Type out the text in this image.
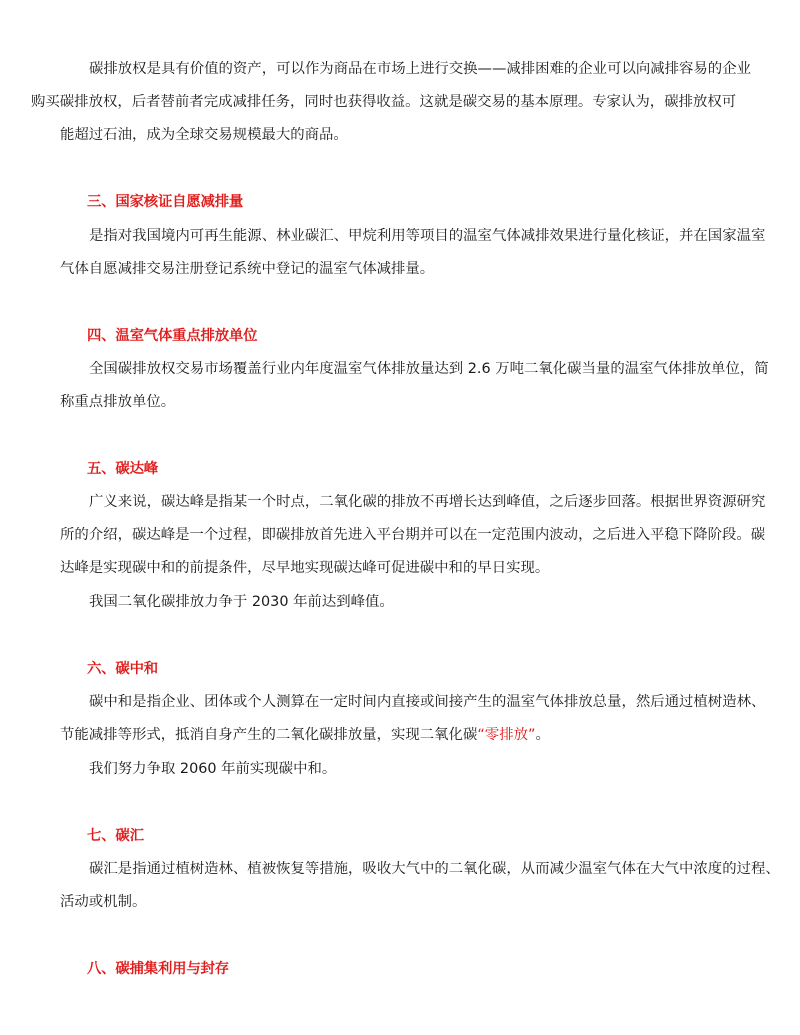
碳排放权是具有价值的资产，可以作为商品在市场上进行交换——减排困难的企业可以向减排容易的企业
购买碳排放权，后者替前者完成减排任务，同时也获得收益。这就是碳交易的基本原理。专家认为，碳排放权可
能超过石油，成为全球交易规模最大的商品。

三、国家核证自愿减排量

是指对我国境内可再生能源、林业碳汇、甲烷利用等项目的温室气体减排效果进行量化核证，并在国家温室
气体自愿减排交易注册登记系统中登记的温室气体减排量。

四、温室气体重点排放单位

全国碳排放权交易市场覆盖行业内年度温室气体排放量达到 2.6 万吨二氧化碳当量的温室气体排放单位，简
称重点排放单位。

五、碳达峰

广义来说，碳达峰是指某一个时点，二氧化碳的排放不再增长达到峰值，之后逐步回落。根据世界资源研究
所的介绍，碳达峰是一个过程，即碳排放首先进入平台期并可以在一定范围内波动，之后进入平稳下降阶段。碳
达峰是实现碳中和的前提条件，尽早地实现碳达峰可促进碳中和的早日实现。

我国二氧化碳排放力争于 2030 年前达到峰值。

六、碳中和

碳中和是指企业、团体或个人测算在一定时间内直接或间接产生的温室气体排放总量，然后通过植树造林、
节能减排等形式，抵消自身产生的二氧化碳排放量，实现二氧化碳“零排放”。

我们努力争取 2060 年前实现碳中和。

七、碳汇

碳汇是指通过植树造林、植被恢复等措施，吸收大气中的二氧化碳，从而减少温室气体在大气中浓度的过程、
活动或机制。

八、碳捕集利用与封存
